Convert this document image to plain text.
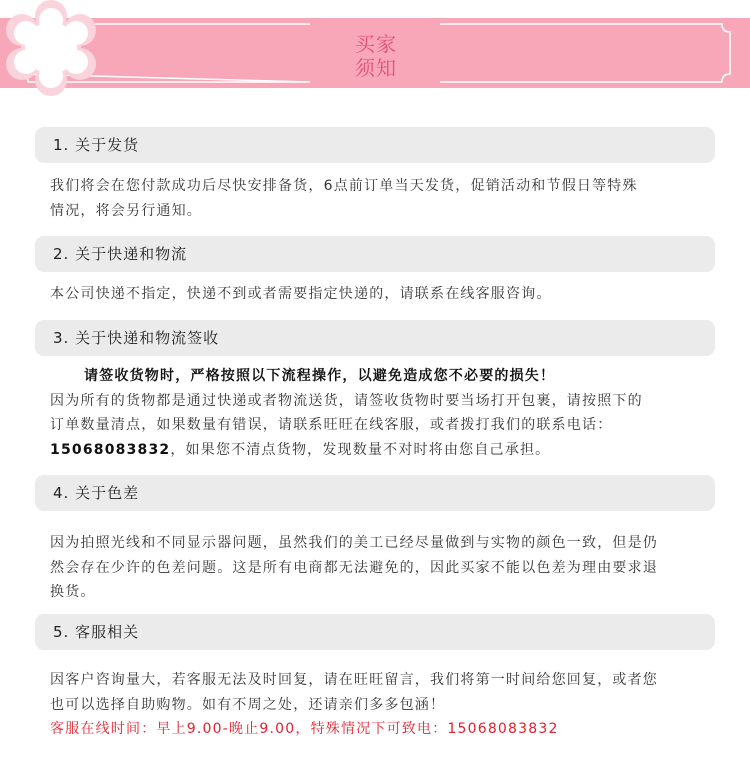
买家
须知
1. 关于发货

我们将会在您付款成功后尽快安排备货，6点前订单当天发货，促销活动和节假日等特殊

情况，将会另行通知。

2. 关于快递和物流

本公司快递不指定，快递不到或者需要指定快递的，请联系在线客服咨询。

3. 关于快递和物流签收

请签收货物时，严格按照以下流程操作，以避免造成您不必要的损失！

因为所有的货物都是通过快递或者物流送货，请签收货物时要当场打开包裹，请按照下的

订单数量清点，如果数量有错误，请联系旺旺在线客服，或者拨打我们的联系电话：

15068083832，如果您不清点货物，发现数量不对时将由您自己承担。

4. 关于色差

因为拍照光线和不同显示器问题，虽然我们的美工已经尽量做到与实物的颜色一致，但是仍

然会存在少许的色差问题。这是所有电商都无法避免的，因此买家不能以色差为理由要求退

换货。

5. 客服相关

因客户咨询量大，若客服无法及时回复，请在旺旺留言，我们将第一时间给您回复，或者您

也可以选择自助购物。如有不周之处，还请亲们多多包涵！

客服在线时间：早上9.00-晚止9.00，特殊情况下可致电：15068083832
